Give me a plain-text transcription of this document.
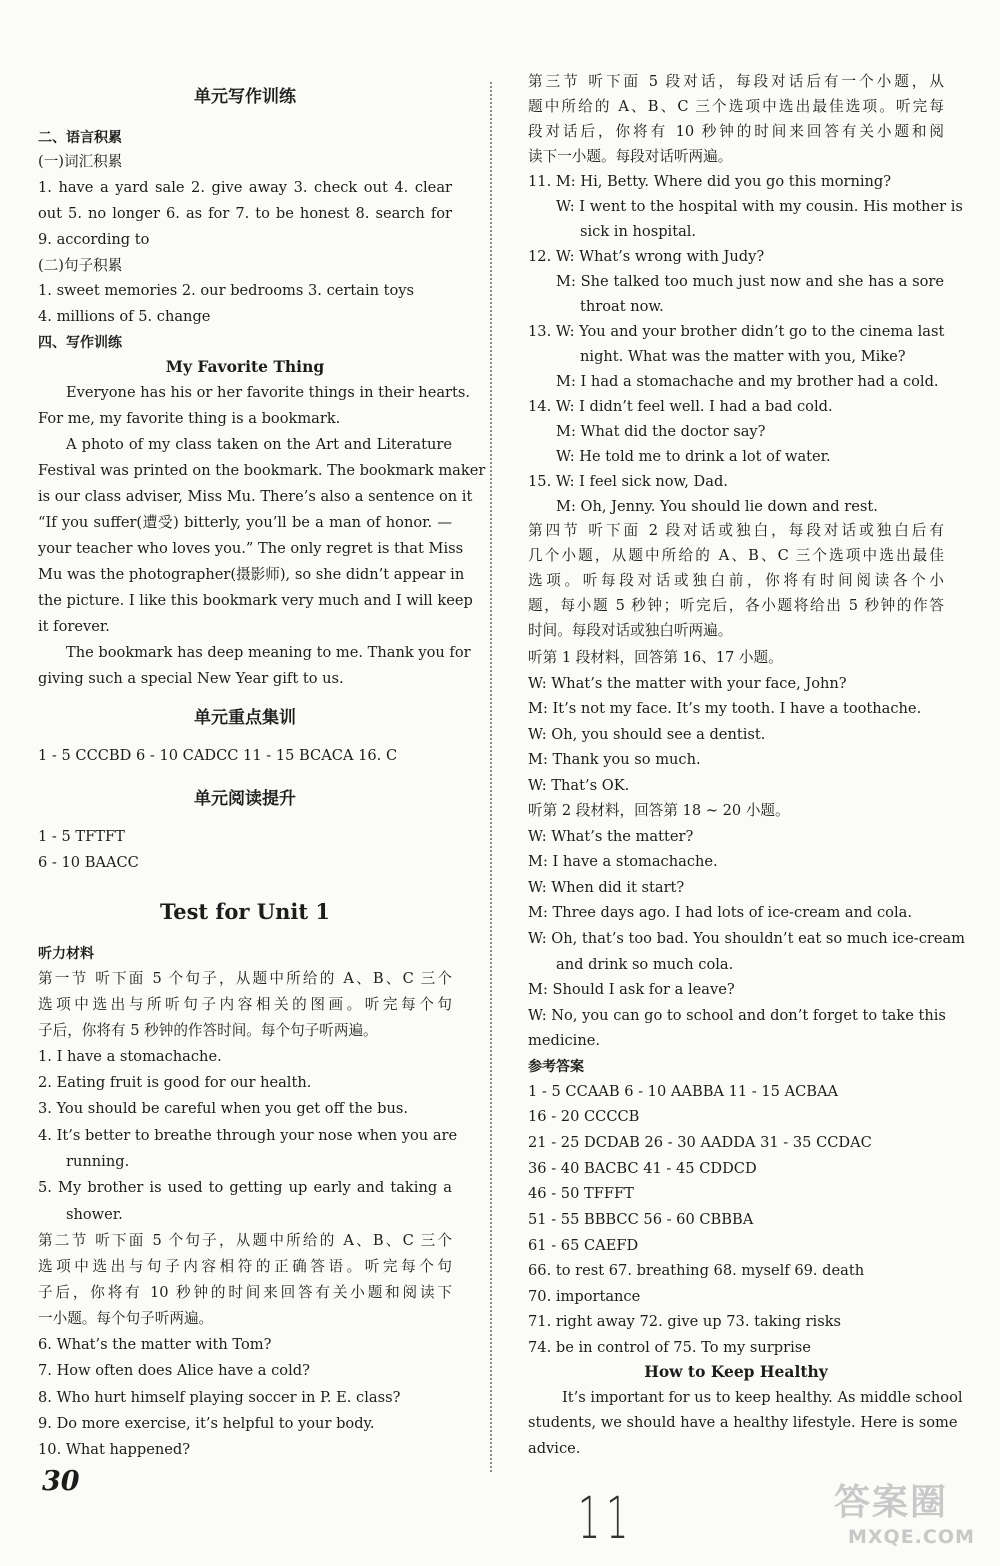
单元写作训练
二、语言积累
(一)词汇积累
1. have a yard sale 2. give away 3. check out 4. clear
out 5. no longer 6. as for 7. to be honest 8. search for
9. according to
(二)句子积累
1. sweet memories 2. our bedrooms 3. certain toys
4. millions of 5. change
四、写作训练
My Favorite Thing
Everyone has his or her favorite things in their hearts.
For me, my favorite thing is a bookmark.
A photo of my class taken on the Art and Literature
Festival was printed on the bookmark. The bookmark maker
is our class adviser, Miss Mu. There’s also a sentence on it
“If you suffer(遭受) bitterly, you’ll be a man of honor. —
your teacher who loves you.” The only regret is that Miss
Mu was the photographer(摄影师), so she didn’t appear in
the picture. I like this bookmark very much and I will keep
it forever.
The bookmark has deep meaning to me. Thank you for
giving such a special New Year gift to us.
单元重点集训
1 - 5 CCCBD 6 - 10 CADCC 11 - 15 BCACA 16. C
单元阅读提升
1 - 5 TFTFT
6 - 10 BAACC
Test for Unit 1
听力材料
第一节 听下面 5 个句子，从题中所给的 A、B、C 三个
选项中选出与所听句子内容相关的图画。听完每个句
子后，你将有 5 秒钟的作答时间。每个句子听两遍。
1. I have a stomachache.
2. Eating fruit is good for our health.
3. You should be careful when you get off the bus.
4. It’s better to breathe through your nose when you are
running.
5. My brother is used to getting up early and taking a
shower.
第二节 听下面 5 个句子，从题中所给的 A、B、C 三个
选项中选出与句子内容相符的正确答语。听完每个句
子后，你将有 10 秒钟的时间来回答有关小题和阅读下
一小题。每个句子听两遍。
6. What’s the matter with Tom?
7. How often does Alice have a cold?
8. Who hurt himself playing soccer in P. E. class?
9. Do more exercise, it’s helpful to your body.
10. What happened?
第三节 听下面 5 段对话，每段对话后有一个小题，从
题中所给的 A、B、C 三个选项中选出最佳选项。听完每
段对话后，你将有 10 秒钟的时间来回答有关小题和阅
读下一小题。每段对话听两遍。
11. M: Hi, Betty. Where did you go this morning?
W: I went to the hospital with my cousin. His mother is
sick in hospital.
12. W: What’s wrong with Judy?
M: She talked too much just now and she has a sore
throat now.
13. W: You and your brother didn’t go to the cinema last
night. What was the matter with you, Mike?
M: I had a stomachache and my brother had a cold.
14. W: I didn’t feel well. I had a bad cold.
M: What did the doctor say?
W: He told me to drink a lot of water.
15. W: I feel sick now, Dad.
M: Oh, Jenny. You should lie down and rest.
第四节 听下面 2 段对话或独白，每段对话或独白后有
几个小题，从题中所给的 A、B、C 三个选项中选出最佳
选项。听每段对话或独白前，你将有时间阅读各个小
题，每小题 5 秒钟；听完后，各小题将给出 5 秒钟的作答
时间。每段对话或独白听两遍。
听第 1 段材料，回答第 16、17 小题。
W: What’s the matter with your face, John?
M: It’s not my face. It’s my tooth. I have a toothache.
W: Oh, you should see a dentist.
M: Thank you so much.
W: That’s OK.
听第 2 段材料，回答第 18 ~ 20 小题。
W: What’s the matter?
M: I have a stomachache.
W: When did it start?
M: Three days ago. I had lots of ice-cream and cola.
W: Oh, that’s too bad. You shouldn’t eat so much ice-cream
and drink so much cola.
M: Should I ask for a leave?
W: No, you can go to school and don’t forget to take this
medicine.
参考答案
1 - 5 CCAAB 6 - 10 AABBA 11 - 15 ACBAA
16 - 20 CCCCB
21 - 25 DCDAB 26 - 30 AADDA 31 - 35 CCDAC
36 - 40 BACBC 41 - 45 CDDCD
46 - 50 TFFFT
51 - 55 BBBCC 56 - 60 CBBBA
61 - 65 CAEFD
66. to rest 67. breathing 68. myself 69. death
70. importance
71. right away 72. give up 73. taking risks
74. be in control of 75. To my surprise
How to Keep Healthy
It’s important for us to keep healthy. As middle school
students, we should have a healthy lifestyle. Here is some
advice.
30
11	答案圈
MXQE.COM
